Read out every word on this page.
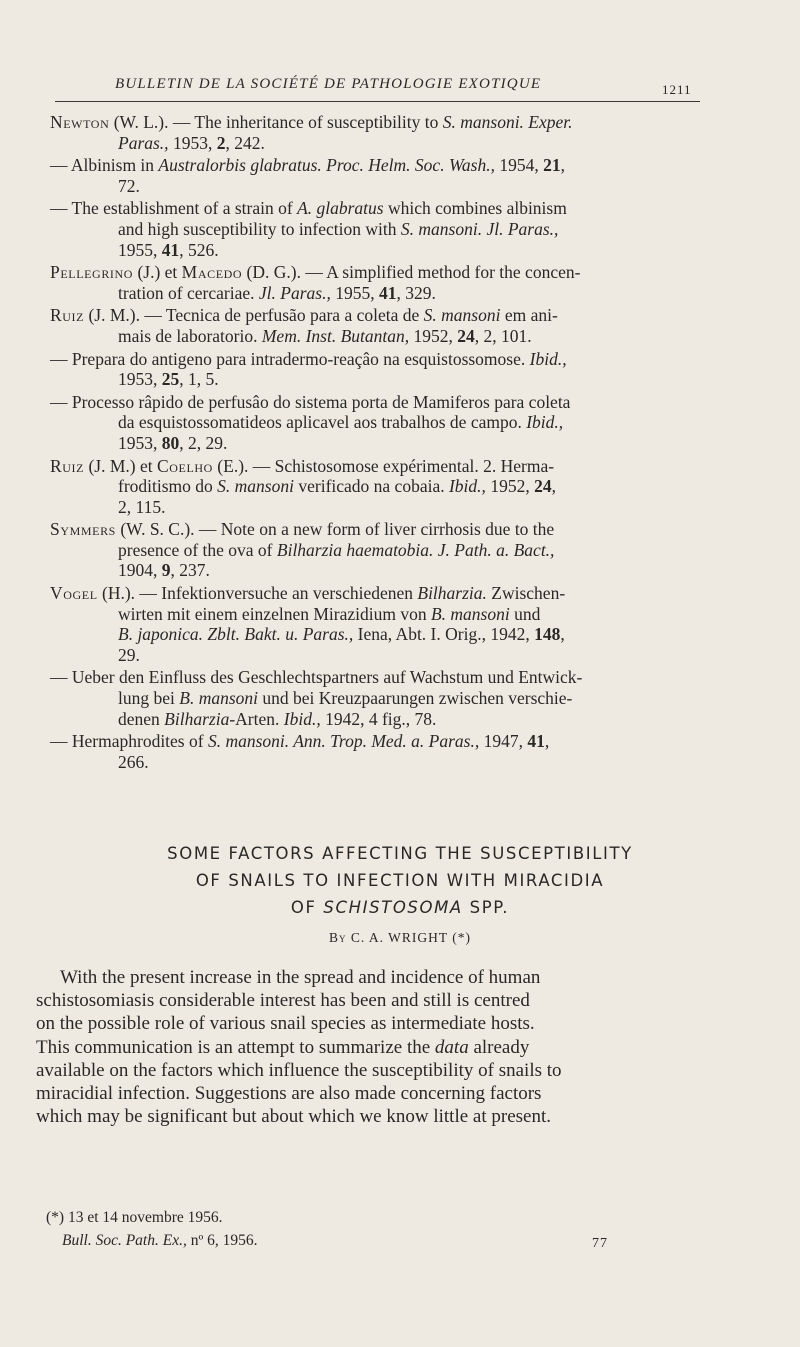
BULLETIN DE LA SOCIÉTÉ DE PATHOLOGIE EXOTIQUE	1211
Newton (W. L.). — The inheritance of susceptibility to S. mansoni. Exper.
Paras., 1953, 2, 242.
— Albinism in Australorbis glabratus. Proc. Helm. Soc. Wash., 1954, 21,
72.
— The establishment of a strain of A. glabratus which combines albinism
and high susceptibility to infection with S. mansoni. Jl. Paras.,
1955, 41, 526.
Pellegrino (J.) et Macedo (D. G.). — A simplified method for the concen-
tration of cercariae. Jl. Paras., 1955, 41, 329.
Ruiz (J. M.). — Tecnica de perfusão para a coleta de S. mansoni em ani-
mais de laboratorio. Mem. Inst. Butantan, 1952, 24, 2, 101.
— Prepara do antigeno para intradermo-reaçâo na esquistossomose. Ibid.,
1953, 25, 1, 5.
— Processo râpido de perfusâo do sistema porta de Mamiferos para coleta
da esquistossomatideos aplicavel aos trabalhos de campo. Ibid.,
1953, 80, 2, 29.
Ruiz (J. M.) et Coelho (E.). — Schistosomose expérimental. 2. Herma-
froditismo do S. mansoni verificado na cobaia. Ibid., 1952, 24,
2, 115.
Symmers (W. S. C.). — Note on a new form of liver cirrhosis due to the
presence of the ova of Bilharzia haematobia. J. Path. a. Bact.,
1904, 9, 237.
Vogel (H.). — Infektionversuche an verschiedenen Bilharzia. Zwischen-
wirten mit einem einzelnen Mirazidium von B. mansoni und
B. japonica. Zblt. Bakt. u. Paras., Iena, Abt. I. Orig., 1942, 148,
29.
— Ueber den Einfluss des Geschlechtspartners auf Wachstum und Entwick-
lung bei B. mansoni und bei Kreuzpaarungen zwischen verschie-
denen Bilharzia-Arten. Ibid., 1942, 4 fig., 78.
— Hermaphrodites of S. mansoni. Ann. Trop. Med. a. Paras., 1947, 41,
266.
SOME FACTORS AFFECTING THE SUSCEPTIBILITY
OF SNAILS TO INFECTION WITH MIRACIDIA
OF SCHISTOSOMA SPP.
By C. A. WRIGHT (*)
With the present increase in the spread and incidence of human
schistosomiasis considerable interest has been and still is centred
on the possible role of various snail species as intermediate hosts.
This communication is an attempt to summarize the data already
available on the factors which influence the susceptibility of snails to
miracidial infection. Suggestions are also made concerning factors
which may be significant but about which we know little at present.
(*) 13 et 14 novembre 1956.
Bull. Soc. Path. Ex., nº 6, 1956.	77
